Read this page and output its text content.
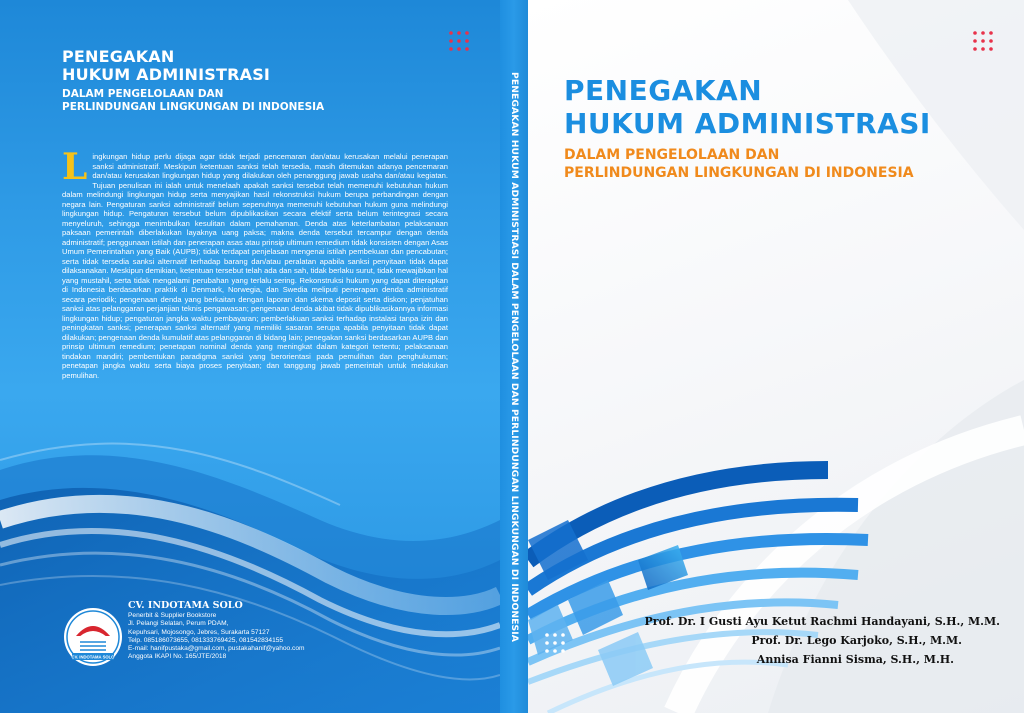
PENEGAKAN
HUKUM ADMINISTRASI
DALAM PENGELOLAAN DAN
PERLINDUNGAN LINGKUNGAN DI INDONESIA
Lingkungan hidup perlu dijaga agar tidak terjadi pencemaran dan/atau kerusakan melalui penerapan sanksi administratif. Meskipun ketentuan sanksi telah tersedia, masih ditemukan adanya pencemaran dan/atau kerusakan lingkungan hidup yang dilakukan oleh penanggung jawab usaha dan/atau kegiatan. Tujuan penulisan ini ialah untuk menelaah apakah sanksi tersebut telah memenuhi kebutuhan hukum dalam melindungi lingkungan hidup serta menyajikan hasil rekonstruksi hukum berupa perbandingan dengan negara lain. Pengaturan sanksi administratif belum sepenuhnya memenuhi kebutuhan hukum guna melindungi lingkungan hidup. Pengaturan tersebut belum dipublikasikan secara efektif serta belum terintegrasi secara menyeluruh, sehingga menimbulkan kesulitan dalam pemahaman. Denda atas keterlambatan pelaksanaan paksaan pemerintah diberlakukan layaknya uang paksa; makna denda tersebut tercampur dengan denda administratif; penggunaan istilah dan penerapan asas atau prinsip ultimum remedium tidak konsisten dengan Asas Umum Pemerintahan yang Baik (AUPB); tidak terdapat penjelasan mengenai istilah pembekuan dan pencabutan; serta tidak tersedia sanksi alternatif terhadap barang dan/atau peralatan apabila sanksi penyitaan tidak dapat dilaksanakan. Meskipun demikian, ketentuan tersebut telah ada dan sah, tidak berlaku surut, tidak mewajibkan hal yang mustahil, serta tidak mengalami perubahan yang terlalu sering. Rekonstruksi hukum yang dapat diterapkan di Indonesia berdasarkan praktik di Denmark, Norwegia, dan Swedia meliputi penerapan denda administratif secara periodik; pengenaan denda yang berkaitan dengan laporan dan skema deposit serta diskon; penjatuhan sanksi atas pelanggaran perjanjian teknis pengawasan; pengenaan denda akibat tidak dipublikasikannya informasi lingkungan hidup; pengaturan jangka waktu pembayaran; pemberlakuan sanksi terhadap instalasi tanpa izin dan peningkatan sanksi; penerapan sanksi alternatif yang memiliki sasaran serupa apabila penyitaan tidak dapat dilakukan; pengenaan denda kumulatif atas pelanggaran di bidang lain; penegakan sanksi berdasarkan AUPB dan prinsip ultimum remedium; penetapan nominal denda yang meningkat dalam kategori tertentu; pelaksanaan tindakan mandiri; pembentukan paradigma sanksi yang berorientasi pada pemulihan dan penghukuman; penetapan jangka waktu serta biaya proses penyitaan; dan tanggung jawab pemerintah untuk melakukan pemulihan.
CV. INDOTAMA SOLO
CV. INDOTAMA SOLO
Penerbit & Supplier Bookstore
Jl. Pelangi Selatan, Perum PDAM,
Kepuhsari, Mojosongo, Jebres, Surakarta 57127
Telp. 085186073655, 081333769425, 081542834155
E-mail: hanifpustaka@gmail.com, pustakahanif@yahoo.com
Anggota IKAPI No. 165/JTE/2018
PENEGAKAN HUKUM ADMINISTRASI DALAM PENGELOLAAN DAN PERLINDUNGAN LINGKUNGAN DI INDONESIA PENEGAKAN
HUKUM ADMINISTRASI
DALAM PENGELOLAAN DAN
PERLINDUNGAN LINGKUNGAN DI INDONESIA
Prof. Dr. I Gusti Ayu Ketut Rachmi Handayani, S.H., M.M.
Prof. Dr. Lego Karjoko, S.H., M.M.
Annisa Fianni Sisma, S.H., M.H.
